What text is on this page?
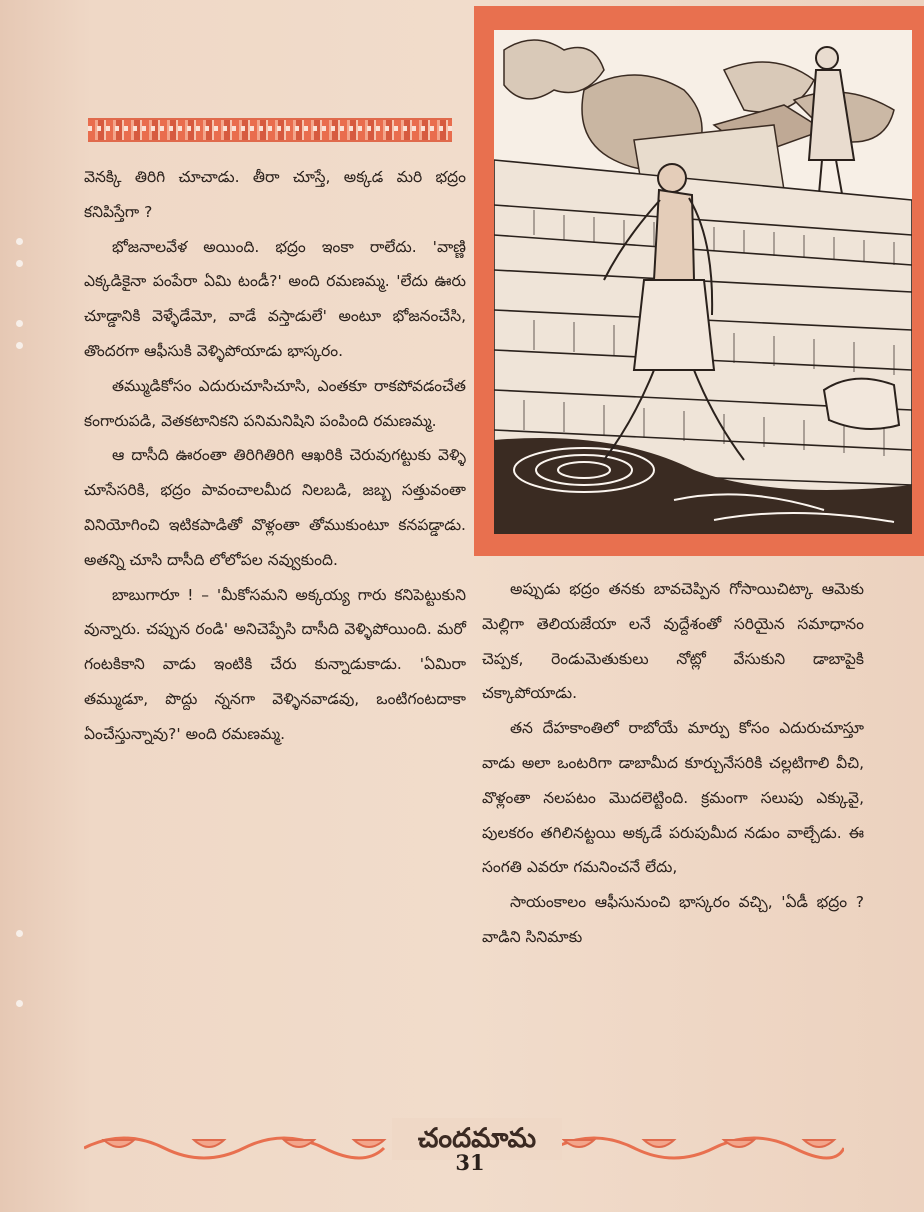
వెనక్కి తిరిగి చూచాడు. తీరా చూస్తే, అక్కడ మరి భద్రం కనిపిస్తేగా ?

భోజనాలవేళ అయింది. భద్రం ఇంకా రాలేదు. 'వాణ్ణి ఎక్కడికైనా పంపేరా ఏమి టండీ?' అంది రమణమ్మ. 'లేదు ఊరు చూడ్డానికి వెళ్ళేడేమో, వాడే వస్తాడులే' అంటూ భోజనంచేసి, తొందరగా ఆఫీసుకి వెళ్ళిపోయాడు భాస్కరం.

తమ్ముడికోసం ఎదురుచూసిచూసి, ఎంతకూ రాకపోవడంచేత కంగారుపడి, వెతకటానికని పనిమనిషిని పంపింది రమణమ్మ.

ఆ దాసీది ఊరంతా తిరిగితిరిగి ఆఖరికి చెరువుగట్టుకు వెళ్ళి చూసేసరికి, భద్రం పావంచాలమీద నిలబడి, జబ్బ సత్తువంతా వినియోగించి ఇటికపాడితో వొళ్లంతా తోముకుంటూ కనపడ్డాడు. అతన్ని చూసి దాసీది లోలోపల నవ్వుకుంది.

బాబుగారూ ! – 'మీకోసమని అక్కయ్య గారు కనిపెట్టుకుని వున్నారు. చప్పున రండి' అనిచెప్పేసి దాసీది వెళ్ళిపోయింది. మరో గంటకికాని వాడు ఇంటికి చేరు కున్నాడుకాడు. 'ఏమిరా తమ్ముడూ, పొద్దు న్ననగా వెళ్ళినవాడవు, ఒంటిగంటదాకా ఏంచేస్తున్నావు?' అంది రమణమ్మ.

అప్పుడు భద్రం తనకు బావచెప్పిన గోసాయిచిట్కా ఆమెకు మెల్లిగా తెలియజేయా లనే వుద్దేశంతో సరియైన సమాధానం చెప్పక, రెండుమెతుకులు నోట్లో వేసుకుని డాబాపైకి చక్కాపోయాడు.

తన దేహకాంతిలో రాబోయే మార్పు కోసం ఎదురుచూస్తూ వాడు అలా ఒంటరిగా డాబామీద కూర్చునేసరికి చల్లటిగాలి వీచి, వొళ్లంతా నలపటం మొదలెట్టింది. క్రమంగా సలుపు ఎక్కువై, పులకరం తగిలినట్టయి అక్కడే పరుపుమీద నడుం వాల్చేడు. ఈ సంగతి ఎవరూ గమనించనే లేదు,

సాయంకాలం ఆఫీసునుంచి భాస్కరం వచ్చి, 'ఏడీ భద్రం ? వాడిని సినిమాకు

చందమామ
31
